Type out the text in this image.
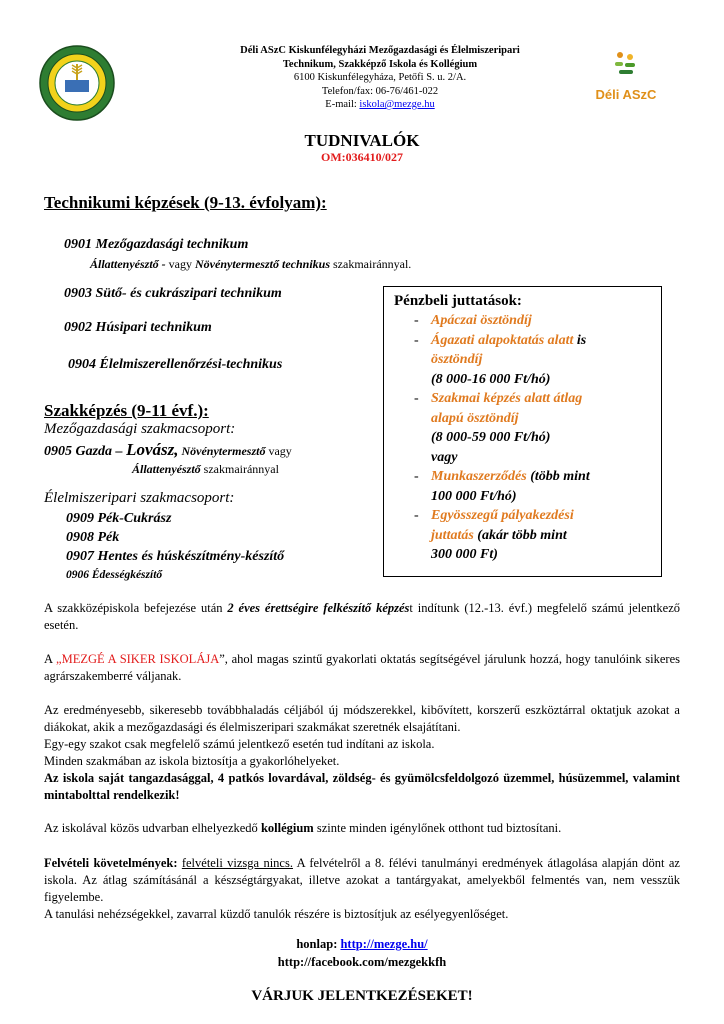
Déli ASzC Kiskunfélegyházi Mezőgazdasági és Élelmiszeripari
Technikum, Szakképző Iskola és Kollégium
6100 Kiskunfélegyháza, Petőfi S. u. 2/A.
Telefon/fax: 06-76/461-022
E-mail: iskola@mezge.hu
Déli ASzC
TUDNIVALÓK
OM:036410/027
Technikumi képzések (9-13. évfolyam):
0901 Mezőgazdasági technikum
Állattenyésztő - vagy Növénytermesztő technikus szakmairánnyal.
0903 Sütő- és cukrászipari technikum
0902 Húsipari technikum
0904 Élelmiszerellenőrzési-technikus
Szakképzés (9-11 évf.):
Mezőgazdasági szakmacsoport:
0905 Gazda – Lovász, Növénytermesztő vagy
Állattenyésztő szakmairánnyal
Élelmiszeripari szakmacsoport:
0909 Pék-Cukrász
0908 Pék
0907 Hentes és húskészítmény-készítő
0906 Édességkészítő
Pénzbeli juttatások:
- Apáczai ösztöndíj
- Ágazati alapoktatás alatt is
ösztöndíj
(8 000-16 000 Ft/hó)
- Szakmai képzés alatt átlag
alapú ösztöndíj
(8 000-59 000 Ft/hó)
vagy
- Munkaszerződés (több mint
100 000 Ft/hó)
- Egyösszegű pályakezdési
juttatás (akár több mint
300 000 Ft)
A szakközépiskola befejezése után 2 éves érettségire felkészítő képzést indítunk (12.-13. évf.) megfelelő számú jelentkező esetén.
A „MEZGÉ A SIKER ISKOLÁJA”, ahol magas szintű gyakorlati oktatás segítségével járulunk hozzá, hogy tanulóink sikeres agrárszakemberré váljanak.
Az eredményesebb, sikeresebb továbbhaladás céljából új módszerekkel, kibővített, korszerű eszköztárral oktatjuk azokat a diákokat, akik a mezőgazdasági és élelmiszeripari szakmákat szeretnék elsajátítani.
Egy-egy szakot csak megfelelő számú jelentkező esetén tud indítani az iskola.
Minden szakmában az iskola biztosítja a gyakorlóhelyeket.
Az iskola saját tangazdasággal, 4 patkós lovardával, zöldség- és gyümölcsfeldolgozó üzemmel, húsüzemmel, valamint mintabolttal rendelkezik!
Az iskolával közös udvarban elhelyezkedő kollégium szinte minden igénylőnek otthont tud biztosítani.
Felvételi követelmények: felvételi vizsga nincs. A felvételről a 8. félévi tanulmányi eredmények átlagolása alapján dönt az iskola. Az átlag számításánál a készségtárgyakat, illetve azokat a tantárgyakat, amelyekből felmentés van, nem vesszük figyelembe.
A tanulási nehézségekkel, zavarral küzdő tanulók részére is biztosítjuk az esélyegyenlőséget.
honlap: http://mezge.hu/
http://facebook.com/mezgekkfh
VÁRJUK JELENTKEZÉSEKET!
